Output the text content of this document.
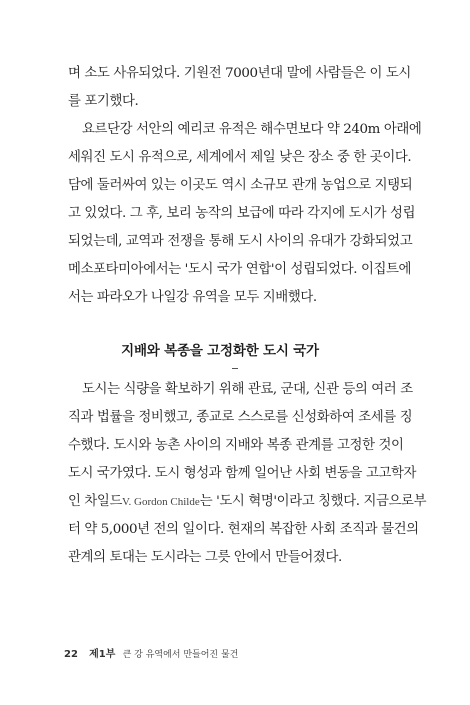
며 소도 사유되었다. 기원전 7000년대 말에 사람들은 이 도시
를 포기했다.
요르단강 서안의 예리코 유적은 해수면보다 약 240m 아래에
세워진 도시 유적으로, 세계에서 제일 낮은 장소 중 한 곳이다.
담에 둘러싸여 있는 이곳도 역시 소규모 관개 농업으로 지탱되
고 있었다. 그 후, 보리 농작의 보급에 따라 각지에 도시가 성립
되었는데, 교역과 전쟁을 통해 도시 사이의 유대가 강화되었고
메소포타미아에서는 '도시 국가 연합'이 성립되었다. 이집트에
서는 파라오가 나일강 유역을 모두 지배했다.
지배와 복종을 고정화한 도시 국가
도시는 식량을 확보하기 위해 관료, 군대, 신관 등의 여러 조
직과 법률을 정비했고, 종교로 스스로를 신성화하여 조세를 징
수했다. 도시와 농촌 사이의 지배와 복종 관계를 고정한 것이
도시 국가였다. 도시 형성과 함께 일어난 사회 변동을 고고학자
인 차일드V. Gordon Childe는 '도시 혁명'이라고 칭했다. 지금으로부
터 약 5,000년 전의 일이다. 현재의 복잡한 사회 조직과 물건의
관계의 토대는 도시라는 그릇 안에서 만들어졌다.
22 제1부 큰 강 유역에서 만들어진 물건
